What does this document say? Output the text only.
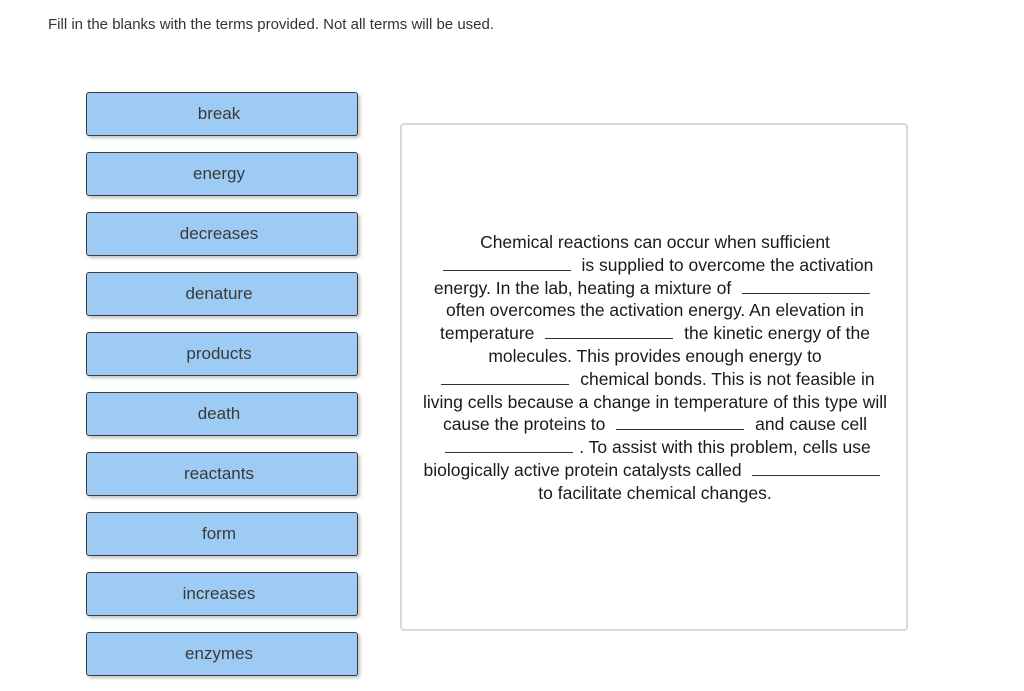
Fill in the blanks with the terms provided. Not all terms will be used.
break
energy
decreases
denature
products
death
reactants
form
increases
enzymes
Chemical reactions can occur when sufficient  is supplied to overcome the activation energy. In the lab, heating a mixture of  often overcomes the activation energy. An elevation in temperature	the kinetic energy of the molecules. This provides enough energy to  chemical bonds. This is not feasible in living cells because a change in temperature of this type will cause the proteins to	and cause cell . To assist with this problem, cells use biologically active protein catalysts called  to facilitate chemical changes.
